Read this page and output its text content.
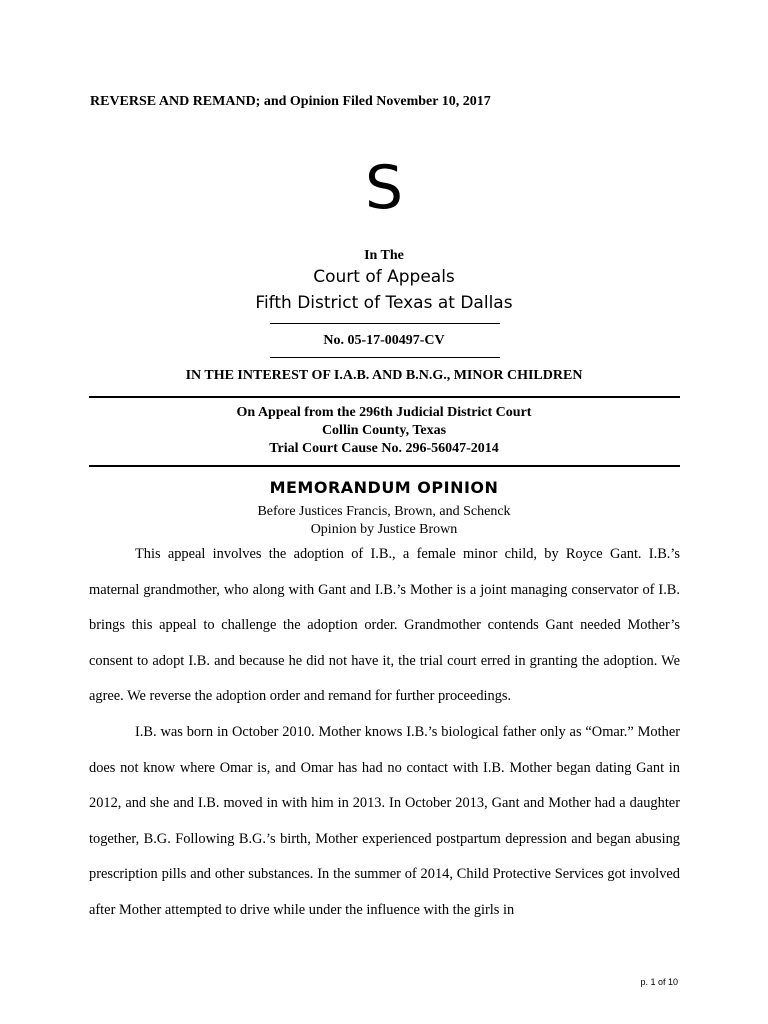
REVERSE AND REMAND; and Opinion Filed November 10, 2017
S
In The
Court of Appeals
Fifth District of Texas at Dallas
No. 05-17-00497-CV
IN THE INTEREST OF I.A.B. AND B.N.G., MINOR CHILDREN
On Appeal from the 296th Judicial District Court
Collin County, Texas
Trial Court Cause No. 296-56047-2014
MEMORANDUM OPINION
Before Justices Francis, Brown, and Schenck
Opinion by Justice Brown

This appeal involves the adoption of I.B., a female minor child, by Royce Gant. I.B.’s maternal grandmother, who along with Gant and I.B.’s Mother is a joint managing conservator of I.B. brings this appeal to challenge the adoption order. Grandmother contends Gant needed Mother’s consent to adopt I.B. and because he did not have it, the trial court erred in granting the adoption. We agree. We reverse the adoption order and remand for further proceedings.

I.B. was born in October 2010. Mother knows I.B.’s biological father only as “Omar.” Mother does not know where Omar is, and Omar has had no contact with I.B. Mother began dating Gant in 2012, and she and I.B. moved in with him in 2013. In October 2013, Gant and Mother had a daughter together, B.G. Following B.G.’s birth, Mother experienced postpartum depression and began abusing prescription pills and other substances. In the summer of 2014, Child Protective Services got involved after Mother attempted to drive while under the influence with the girls in

p. 1 of 10
